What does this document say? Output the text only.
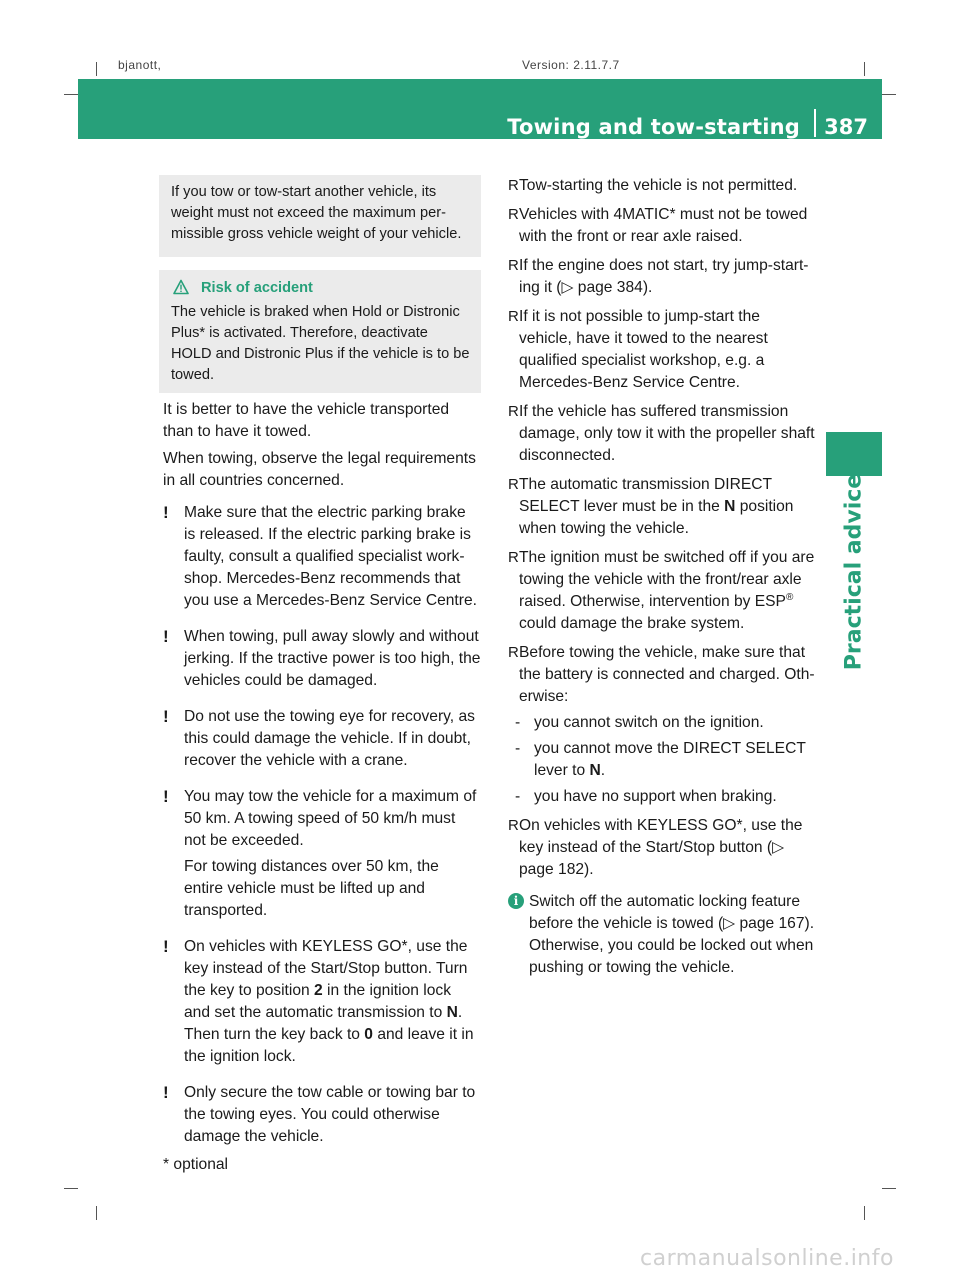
bjanott,	Version: 2.11.7.7
Towing and tow-starting 387
Practical advice
If you tow or tow-start another vehicle, its weight must not exceed the maximum permissible gross vehicle weight of your vehicle.
Risk of accident
The vehicle is braked when Hold or Distronic Plus* is activated. Therefore, deactivate HOLD and Distronic Plus if the vehicle is to be towed.

It is better to have the vehicle transported than to have it towed.

When towing, observe the legal requirements in all countries concerned.

! Make sure that the electric parking brake is released. If the electric parking brake is faulty, consult a qualified specialist workshop. Mercedes-Benz recommends that you use a Mercedes-Benz Service Centre.
! When towing, pull away slowly and without jerking. If the tractive power is too high, the vehicles could be damaged.
! Do not use the towing eye for recovery, as this could damage the vehicle. If in doubt, recover the vehicle with a crane.
! You may tow the vehicle for a maximum of 50 km. A towing speed of 50 km/h must not be exceeded.
For towing distances over 50 km, the entire vehicle must be lifted up and transported.
! On vehicles with KEYLESS GO*, use the key instead of the Start/Stop button. Turn the key to position 2 in the ignition lock and set the automatic transmission to N. Then turn the key back to 0 and leave it in the ignition lock.
! Only secure the tow cable or towing bar to the towing eyes. You could otherwise damage the vehicle.
R Tow-starting the vehicle is not permitted.
R Vehicles with 4MATIC* must not be towed with the front or rear axle raised.
R If the engine does not start, try jump-starting it (▷ page 384).
R If it is not possible to jump-start the vehicle, have it towed to the nearest qualified specialist workshop, e.g. a Mercedes-Benz Service Centre.
R If the vehicle has suffered transmission damage, only tow it with the propeller shaft disconnected.
R The automatic transmission DIRECT SELECT lever must be in the N position when towing the vehicle.
R The ignition must be switched off if you are towing the vehicle with the front/rear axle raised. Otherwise, intervention by ESP® could damage the brake system.
R Before towing the vehicle, make sure that the battery is connected and charged. Otherwise:
- you cannot switch on the ignition.
- you cannot move the DIRECT SELECT lever to N.
- you have no support when braking.
R On vehicles with KEYLESS GO*, use the key instead of the Start/Stop button (▷ page 182).
i Switch off the automatic locking feature before the vehicle is towed (▷ page 167). Otherwise, you could be locked out when pushing or towing the vehicle.
* optional
carmanualsonline.info
